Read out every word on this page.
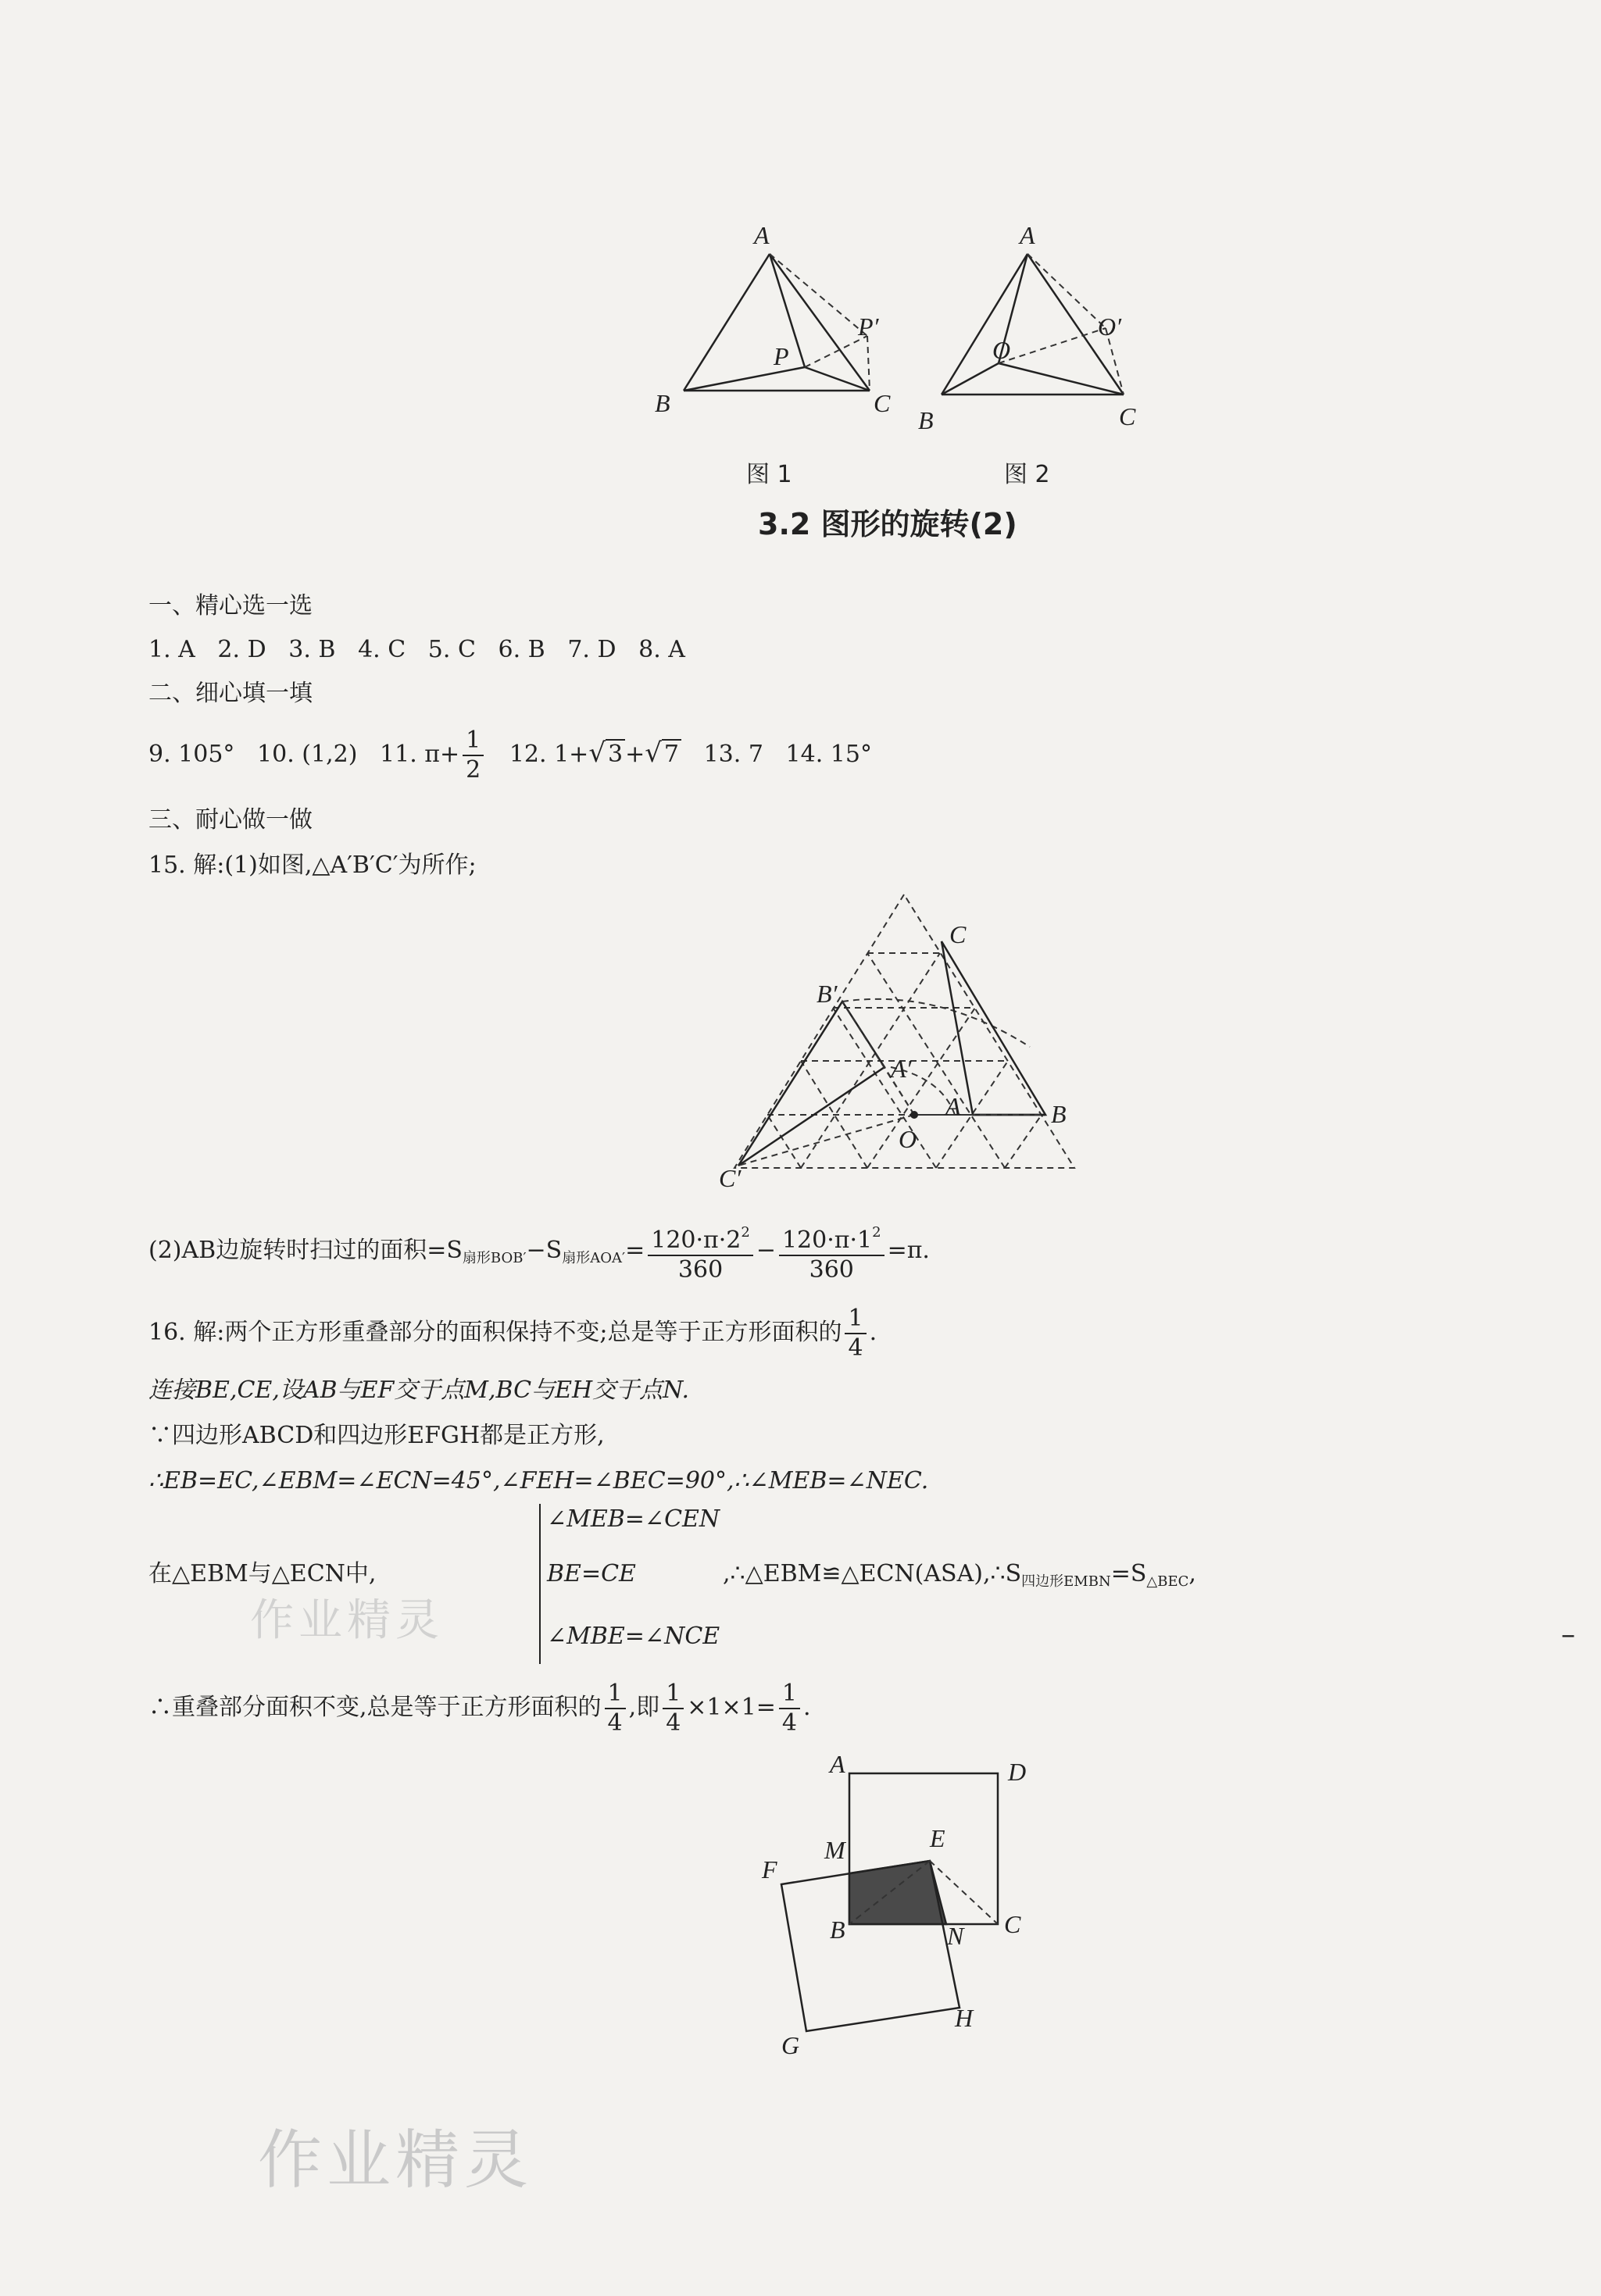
A
B	C
P
P′
图 1
A
B	C
O
O′
图 2
3.2 图形的旋转(2)
一、精心选一选
1. A   2. D   3. B   4. C   5. C   6. B   7. D   8. A
二、细心填一填
9. 105° 10. (1,2) 11. $\pi+ \frac{1}{2} 12$. 1+√ 3 +√ 7 13. 7 14. 15°
三、耐心做一做
15. 解:(1)如图,△A′B′C′为所作;
C
B′
A′
A	B
O
C′
(2)AB边旋转时扫过的面积$=S_{扇形BOB'}-S_{扇形AOA'}= \frac{120\cdot\pi\cdot 2^2}{360} - \frac{120\cdot\pi\cdot 1^2}{360} =\pi$.
16. 解:两个正方形重叠部分的面积保持不变;总是等于正方形面积的 $\frac{1}{4}$ .
连接BE,CE,设AB与EF交于点M,BC与EH交于点N.
∵四边形ABCD和四边形EFGH都是正方形,
∴EB=EC,∠EBM=∠ECN=45°,∠FEH=∠BEC=90°,∴∠MEB=∠NEC.
在△EBM与△ECN中,
∠MEB=∠CEN
BE=CE
∠MBE=∠NCE
$,\therefore\triangle EBM≌\triangle ECN(ASA),\therefore S_{四边形EMBN}=S_{\triangle BEC}$,
∴重叠部分面积不变,总是等于正方形面积的 $\frac{1}{4}$ ,即 $\frac{1}{4} \times 1\times 1= \frac{1}{4}$ .
A	D
M	E
F
B	N C
G
H
作业精灵
作业精灵
–
